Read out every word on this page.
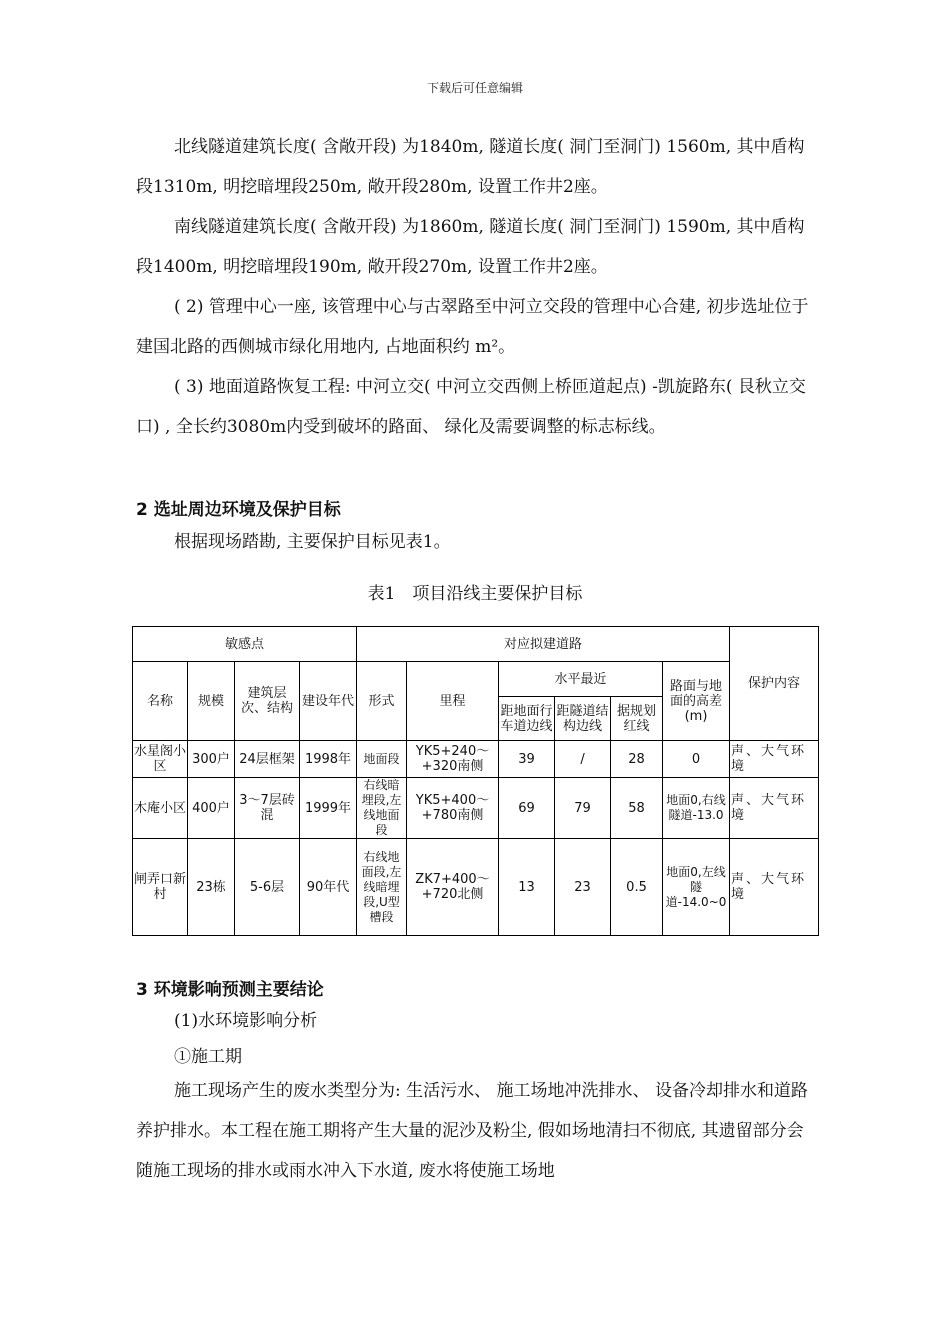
下载后可任意编辑
北线隧道建筑长度( 含敞开段) 为1840m, 隧道长度( 洞门至洞门) 1560m, 其中盾构段1310m, 明挖暗埋段250m, 敞开段280m, 设置工作井2座。
南线隧道建筑长度( 含敞开段) 为1860m, 隧道长度( 洞门至洞门) 1590m, 其中盾构段1400m, 明挖暗埋段190m, 敞开段270m, 设置工作井2座。
( 2) 管理中心一座, 该管理中心与古翠路至中河立交段的管理中心合建, 初步选址位于建国北路的西侧城市绿化用地内, 占地面积约 m²。
( 3) 地面道路恢复工程: 中河立交( 中河立交西侧上桥匝道起点) -凯旋路东( 艮秋立交口) , 全长约3080m内受到破坏的路面、 绿化及需要调整的标志标线。
2 选址周边环境及保护目标
根据现场踏勘, 主要保护目标见表1。
表1　项目沿线主要保护目标
敏感点				对应拟建道路						保护内容
名称	规模	建筑层次、结构	建设年代	形式	里程	水平最近			路面与地面的高差(m)	
						距地面行车道边线	距隧道结构边线	据规划红线		
水星阁小区	300户	24层框架	1998年	地面段	YK5+240～+320南侧	39	/	28	0	声、大气环境
木庵小区	400户	3～7层砖混	1999年	右线暗埋段,左线地面段	YK5+400～+780南侧	69	79	58	地面0,右线隧道-13.0	声、大气环境
闸弄口新村	23栋	5-6层	90年代	右线地面段,左线暗埋段,U型槽段	ZK7+400～+720北侧	13	23	0.5	地面0,左线隧道-14.0~0	声、大气环境
3 环境影响预测主要结论
(1)水环境影响分析
①施工期
施工现场产生的废水类型分为: 生活污水、 施工场地冲洗排水、 设备冷却排水和道路养护排水。本工程在施工期将产生大量的泥沙及粉尘, 假如场地清扫不彻底, 其遗留部分会随施工现场的排水或雨水冲入下水道, 废水将使施工场地
